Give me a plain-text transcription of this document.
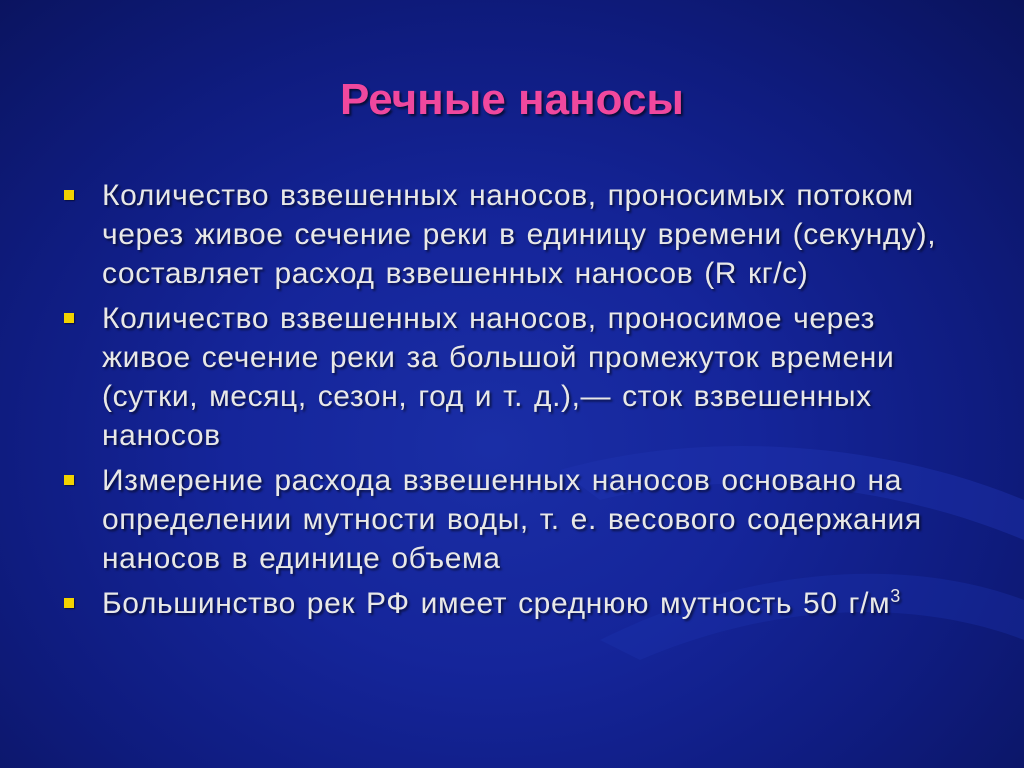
Речные наносы
Количество взвешенных наносов, проносимых потоком через живое сечение реки в единицу времени (секунду), составляет расход взвешенных наносов (R кг/с)
Количество взвешенных наносов, проносимое через живое сечение реки за большой промежуток времени (сутки, месяц, сезон, год и т. д.),— сток взвешенных наносов
Измерение расхода взвешенных наносов основано на определении мутности воды, т. е. весового содержания наносов в единице объема
Большинство рек РФ имеет среднюю мутность 50 $г/м^3$
